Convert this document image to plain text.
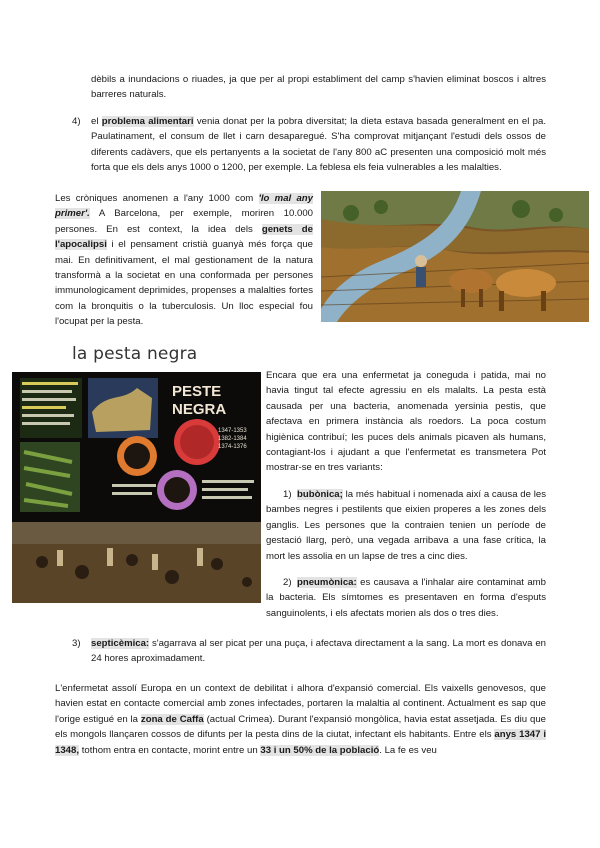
dèbils a inundacions o riuades, ja que per al propi establiment del camp s'havien eliminat boscos i altres barreres naturals.

4) el problema alimentari venia donat per la pobra diversitat; la dieta estava basada generalment en el pa. Paulatinament, el consum de llet i carn desaparegué. S'ha comprovat mitjançant l'estudi dels ossos de diferents cadàvers, que els pertanyents a la societat de l'any 800 aC presenten una composició molt més forta que els dels anys 1000 o 1200, per exemple. La feblesa els feia vulnerables a les malalties.
Les cròniques anomenen a l'any 1000 com 'lo mal any primer'. A Barcelona, per exemple, moriren 10.000 persones. En est context, la idea dels genets de l'apocalipsi i el pensament cristià guanyà més força que mai. En definitivament, el mal gestionament de la natura transformà a la societat en una conformada per persones immunologicament deprimides, propenses a malalties fortes com la bronquitis o la tuberculosis. Un lloc especial fou l'ocupat per la pesta.
la pesta negra
PESTE
NEGRA
1347-1353
1382-1384
1374-1376
Encara que era una enfermetat ja coneguda i patida, mai no havia tingut tal efecte agressiu en els malalts. La pesta està causada per una bacteria, anomenada yersinia pestis, que afectava en primera instància als roedors. La poca costum higiènica contribuí; les puces dels animals picaven als humans, contagiant-los i ajudant a que l'enfermetat es transmetera Pot mostrar-se en tres variants:
1) bubònica; la més habitual i nomenada així a causa de les bambes negres i pestilents que eixien properes a les zones dels ganglis. Les persones que la contraien tenien un període de gestació llarg, però, una vegada arribava a una fase crítica, la mort les assolia en un lapse de tres a cinc dies.
2) pneumònica: es causava a l'inhalar aire contaminat amb la bacteria. Els símtomes es presentaven en forma d'esputs sanguinolents, i els afectats morien als dos o tres dies.
3) septicèmica: s'agarrava al ser picat per una puça, i afectava directament a la sang. La mort es donava en 24 hores aproximadament.
L'enfermetat assolí Europa en un context de debilitat i alhora d'expansió comercial. Els vaixells genovesos, que havien estat en contacte comercial amb zones infectades, portaren la malaltia al continent. Actualment es sap que l'orige estigué en la zona de Caffa (actual Crimea). Durant l'expansió mongòlica, havia estat assetjada. Es diu que els mongols llançaren cossos de difunts per la pesta dins de la ciutat, infectant els habitants. Entre els anys 1347 i 1348, tothom entra en contacte, morint entre un 33 i un 50% de la població. La fe es veu
